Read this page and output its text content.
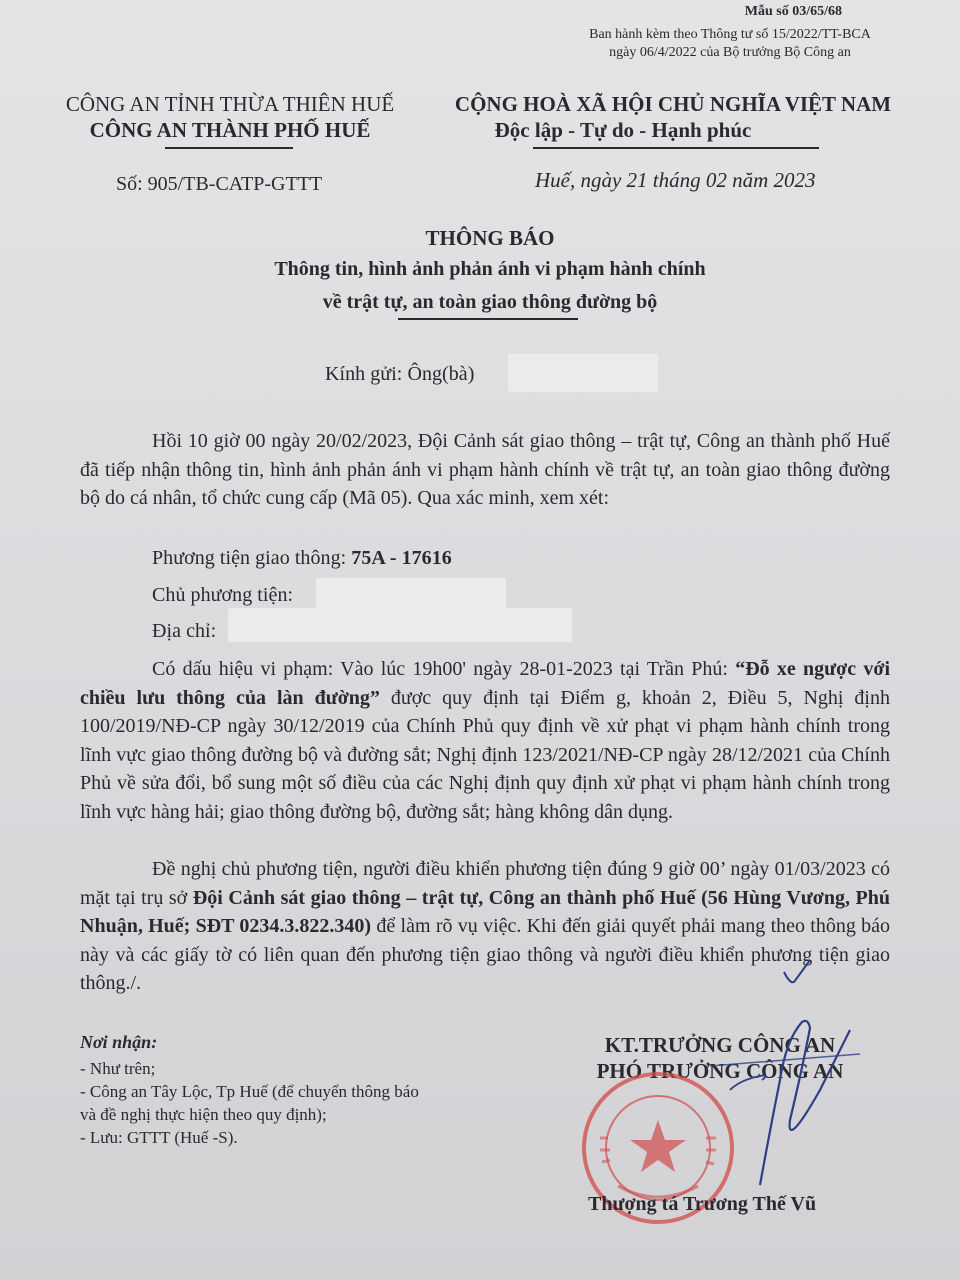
Mẫu số 03/65/68
Ban hành kèm theo Thông tư số 15/2022/TT-BCA
ngày 06/4/2022 của Bộ trưởng Bộ Công an
CÔNG AN TỈNH THỪA THIÊN HUẾ
CÔNG AN THÀNH PHỐ HUẾ
Số: 905/TB-CATP-GTTT
CỘNG HOÀ XÃ HỘI CHỦ NGHĨA VIỆT NAM
Độc lập - Tự do - Hạnh phúc
Huế, ngày 21 tháng 02 năm 2023
THÔNG BÁO
Thông tin, hình ảnh phản ánh vi phạm hành chính
về trật tự, an toàn giao thông đường bộ
Kính gửi: Ông(bà)
Hồi 10 giờ 00 ngày 20/02/2023, Đội Cảnh sát giao thông – trật tự, Công an thành phố Huế đã tiếp nhận thông tin, hình ảnh phản ánh vi phạm hành chính về trật tự, an toàn giao thông đường bộ do cá nhân, tổ chức cung cấp (Mã 05). Qua xác minh, xem xét:
Phương tiện giao thông: 75A - 17616
Chủ phương tiện:
Địa chỉ:
Có dấu hiệu vi phạm: Vào lúc 19h00' ngày 28-01-2023 tại Trần Phú: “Đỗ xe ngược với chiều lưu thông của làn đường” được quy định tại Điểm g, khoản 2, Điều 5, Nghị định 100/2019/NĐ-CP ngày 30/12/2019 của Chính Phủ quy định về xử phạt vi phạm hành chính trong lĩnh vực giao thông đường bộ và đường sắt; Nghị định 123/2021/NĐ-CP ngày 28/12/2021 của Chính Phủ về sửa đổi, bổ sung một số điều của các Nghị định quy định xử phạt vi phạm hành chính trong lĩnh vực hàng hải; giao thông đường bộ, đường sắt; hàng không dân dụng.
Đề nghị chủ phương tiện, người điều khiển phương tiện đúng 9 giờ 00’ ngày 01/03/2023 có mặt tại trụ sở Đội Cảnh sát giao thông – trật tự, Công an thành phố Huế (56 Hùng Vương, Phú Nhuận, Huế; SĐT 0234.3.822.340) để làm rõ vụ việc. Khi đến giải quyết phải mang theo thông báo này và các giấy tờ có liên quan đến phương tiện giao thông và người điều khiển phương tiện giao thông./.
Nơi nhận:
- Như trên;
- Công an Tây Lộc, Tp Huế (để chuyển thông báo
và đề nghị thực hiện theo quy định);
- Lưu: GTTT (Huế -S).
KT.TRƯỞNG CÔNG AN
PHÓ TRƯỞNG CÔNG AN
Thượng tá Trương Thế Vũ
